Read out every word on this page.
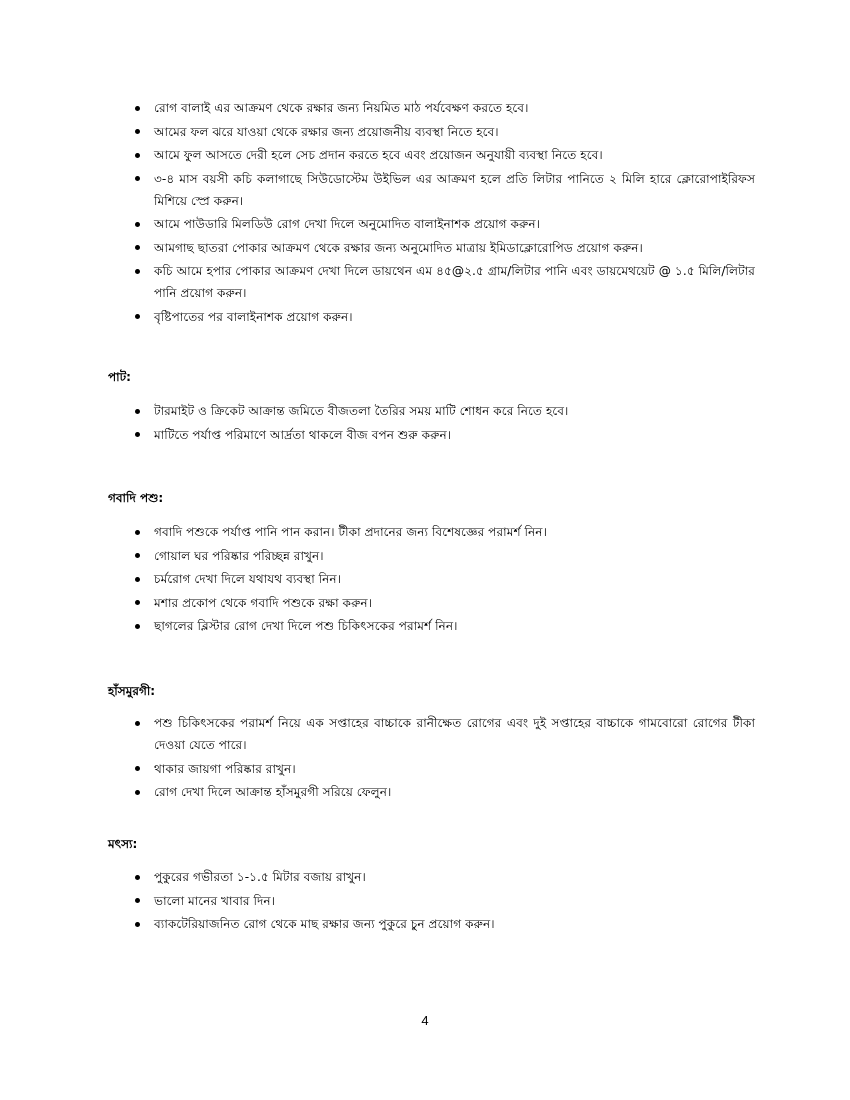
রোগ বালাই এর আক্রমণ থেকে রক্ষার জন্য নিয়মিত মাঠ পর্যবেক্ষণ করতে হবে।
আমের ফল ঝরে যাওয়া থেকে রক্ষার জন্য প্রয়োজনীয় ব্যবস্থা নিতে হবে।
আমে ফুল আসতে দেরী হলে সেচ প্রদান করতে হবে এবং প্রয়োজন অনুযায়ী ব্যবস্থা নিতে হবে।
৩-৪ মাস বয়সী কচি কলাগাছে সিউডোস্টেম উইভিল এর আক্রমণ হলে প্রতি লিটার পানিতে ২ মিলি হারে ক্লোরোপাইরিফস মিশিয়ে স্প্রে করুন।
আমে পাউডারি মিলডিউ রোগ দেখা দিলে অনুমোদিত বালাইনাশক প্রয়োগ করুন।
আমগাছ ছাতরা পোকার আক্রমণ থেকে রক্ষার জন্য অনুমোদিত মাত্রায় ইমিডাক্লোরোপিড প্রয়োগ করুন।
কচি আমে হপার পোকার আক্রমণ দেখা দিলে ডায়থেন এম ৪৫@২.৫ গ্রাম/লিটার পানি এবং ডায়মেথয়েট @ ১.৫ মিলি/লিটার পানি প্রয়োগ করুন।
বৃষ্টিপাতের পর বালাইনাশক প্রয়োগ করুন।
পাট:
টারমাইট ও ক্রিকেট আক্রান্ত জমিতে বীজতলা তৈরির সময় মাটি শোধন করে নিতে হবে।
মাটিতে পর্যাপ্ত পরিমাণে আর্দ্রতা থাকলে বীজ বপন শুরু করুন।
গবাদি পশু:
গবাদি পশুকে পর্যাপ্ত পানি পান করান। টীকা প্রদানের জন্য বিশেষজ্ঞের পরামর্শ নিন।
গোয়াল ঘর পরিষ্কার পরিচ্ছন্ন রাখুন।
চর্মরোগ দেখা দিলে যথাযথ ব্যবস্থা নিন।
মশার প্রকোপ থেকে গবাদি পশুকে রক্ষা করুন।
ছাগলের ব্লিস্টার রোগ দেখা দিলে পশু চিকিৎসকের পরামর্শ নিন।
হাঁসমুরগী:
পশু চিকিৎসকের পরামর্শ নিয়ে এক সপ্তাহের বাচ্চাকে রানীক্ষেত রোগের এবং দুই সপ্তাহের বাচ্চাকে গামবোরো রোগের টীকা দেওয়া যেতে পারে।
থাকার জায়গা পরিষ্কার রাখুন।
রোগ দেখা দিলে আক্রান্ত হাঁসমুরগী সরিয়ে ফেলুন।
মৎস্য:
পুকুরের গভীরতা ১-১.৫ মিটার বজায় রাখুন।
ভালো মানের খাবার দিন।
ব্যাকটেরিয়াজনিত রোগ থেকে মাছ রক্ষার জন্য পুকুরে চুন প্রয়োগ করুন।
4
